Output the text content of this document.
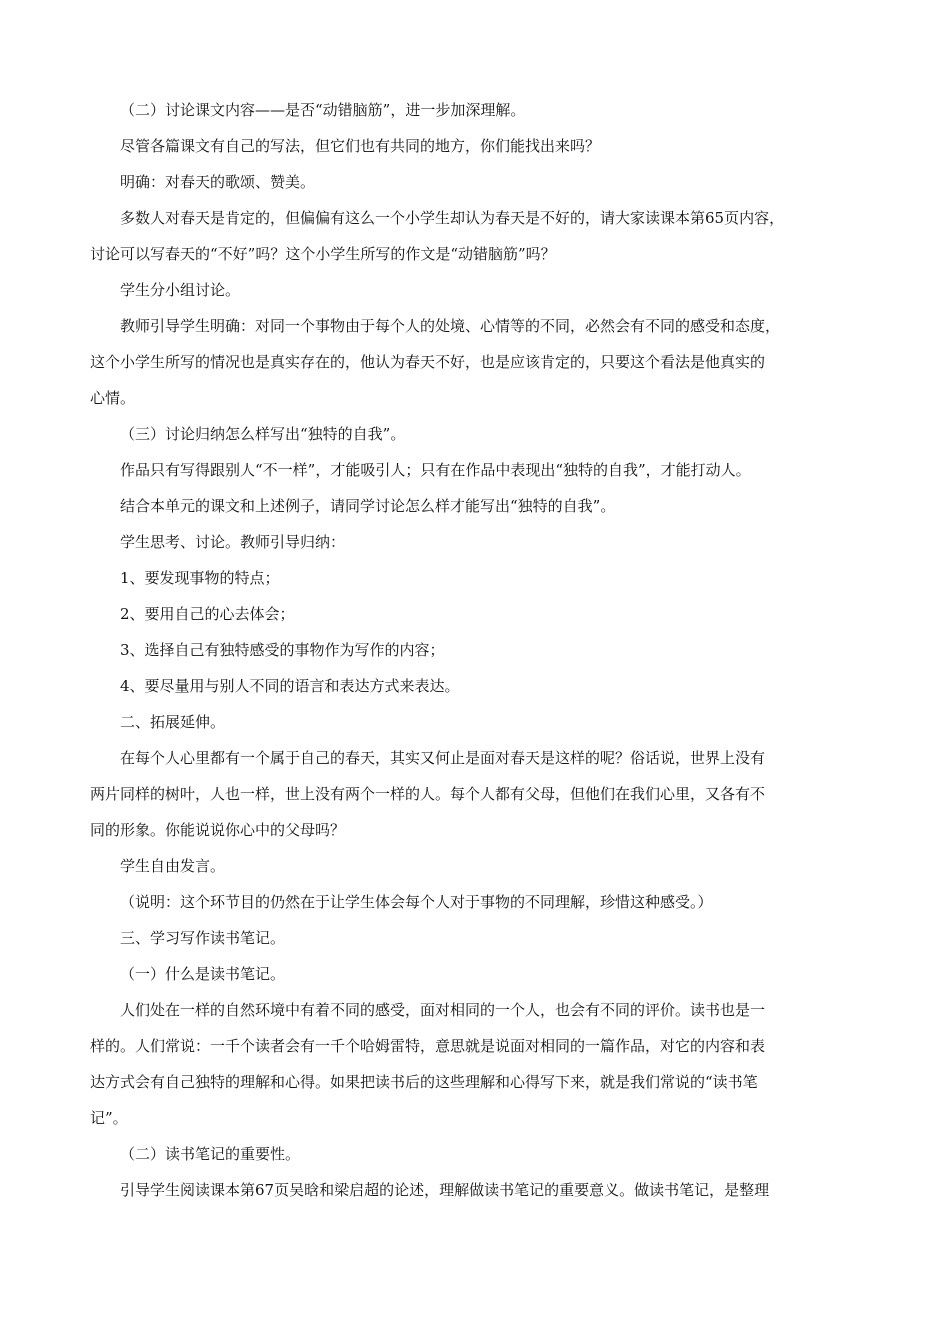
（二）讨论课文内容——是否“动错脑筋”，进一步加深理解。

尽管各篇课文有自己的写法，但它们也有共同的地方，你们能找出来吗？

明确：对春天的歌颂、赞美。

多数人对春天是肯定的，但偏偏有这么一个小学生却认为春天是不好的，请大家读课本第65页内容，

讨论可以写春天的“不好”吗？这个小学生所写的作文是“动错脑筋”吗？

学生分小组讨论。

教师引导学生明确：对同一个事物由于每个人的处境、心情等的不同，必然会有不同的感受和态度，

这个小学生所写的情况也是真实存在的，他认为春天不好，也是应该肯定的，只要这个看法是他真实的

心情。

（三）讨论归纳怎么样写出“独特的自我”。

作品只有写得跟别人“不一样”，才能吸引人；只有在作品中表现出“独特的自我”，才能打动人。

结合本单元的课文和上述例子，请同学讨论怎么样才能写出“独特的自我”。

学生思考、讨论。教师引导归纳：

1、要发现事物的特点；

2、要用自己的心去体会；

3、选择自己有独特感受的事物作为写作的内容；

4、要尽量用与别人不同的语言和表达方式来表达。

二、拓展延伸。

在每个人心里都有一个属于自己的春天，其实又何止是面对春天是这样的呢？俗话说，世界上没有

两片同样的树叶，人也一样，世上没有两个一样的人。每个人都有父母，但他们在我们心里，又各有不

同的形象。你能说说你心中的父母吗？

学生自由发言。

（说明：这个环节目的仍然在于让学生体会每个人对于事物的不同理解，珍惜这种感受。）

三、学习写作读书笔记。

（一）什么是读书笔记。

人们处在一样的自然环境中有着不同的感受，面对相同的一个人，也会有不同的评价。读书也是一

样的。人们常说：一千个读者会有一千个哈姆雷特，意思就是说面对相同的一篇作品，对它的内容和表

达方式会有自己独特的理解和心得。如果把读书后的这些理解和心得写下来，就是我们常说的“读书笔

记”。

（二）读书笔记的重要性。

引导学生阅读课本第67页吴晗和梁启超的论述，理解做读书笔记的重要意义。做读书笔记，是整理
